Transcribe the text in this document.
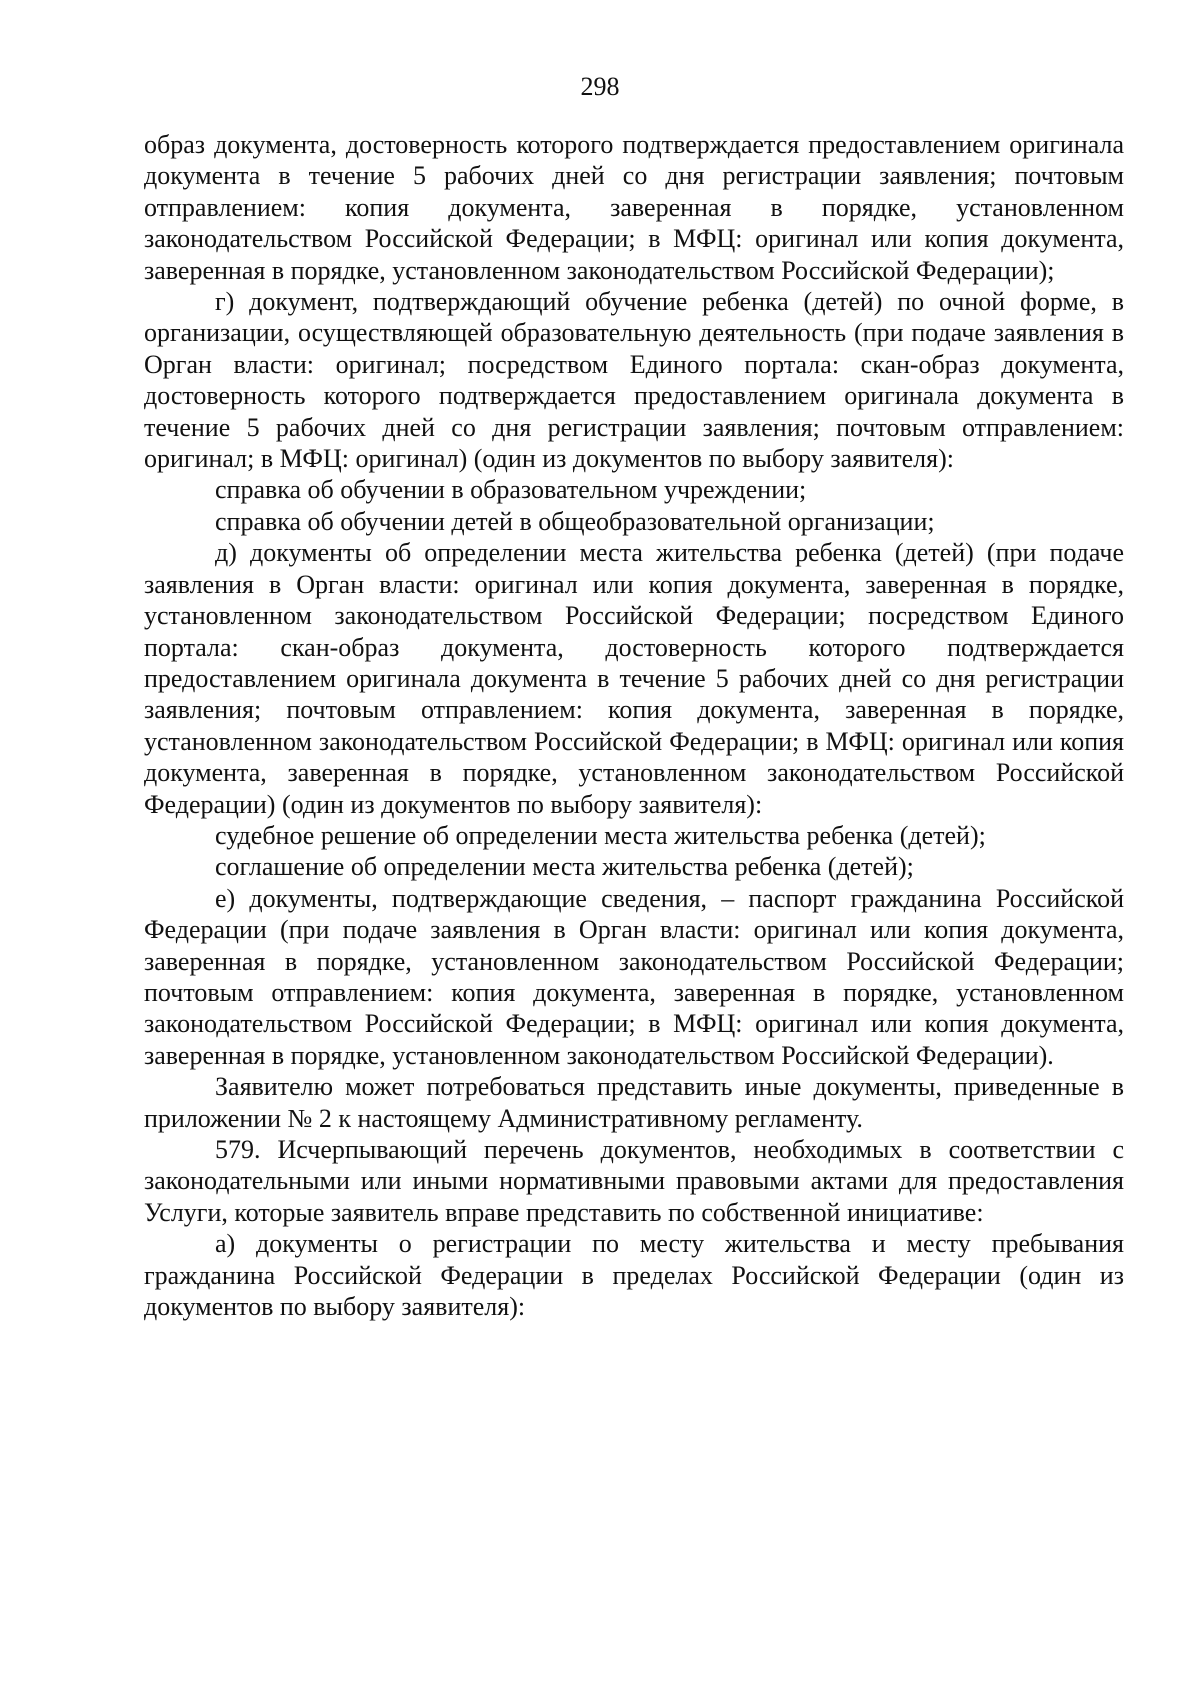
298

образ документа, достоверность которого подтверждается предоставлением оригинала документа в течение 5 рабочих дней со дня регистрации заявления; почтовым отправлением: копия документа, заверенная в порядке, установленном законодательством Российской Федерации; в МФЦ: оригинал или копия документа, заверенная в порядке, установленном законодательством Российской Федерации);

г) документ, подтверждающий обучение ребенка (детей) по очной форме, в организации, осуществляющей образовательную деятельность (при подаче заявления в Орган власти: оригинал; посредством Единого портала: скан-образ документа, достоверность которого подтверждается предоставлением оригинала документа в течение 5 рабочих дней со дня регистрации заявления; почтовым отправлением: оригинал; в МФЦ: оригинал) (один из документов по выбору заявителя):

справка об обучении в образовательном учреждении;

справка об обучении детей в общеобразовательной организации;

д) документы об определении места жительства ребенка (детей) (при подаче заявления в Орган власти: оригинал или копия документа, заверенная в порядке, установленном законодательством Российской Федерации; посредством Единого портала: скан-образ документа, достоверность которого подтверждается предоставлением оригинала документа в течение 5 рабочих дней со дня регистрации заявления; почтовым отправлением: копия документа, заверенная в порядке, установленном законодательством Российской Федерации; в МФЦ: оригинал или копия документа, заверенная в порядке, установленном законодательством Российской Федерации) (один из документов по выбору заявителя):

судебное решение об определении места жительства ребенка (детей);

соглашение об определении места жительства ребенка (детей);

е) документы, подтверждающие сведения, – паспорт гражданина Российской Федерации (при подаче заявления в Орган власти: оригинал или копия документа, заверенная в порядке, установленном законодательством Российской Федерации; почтовым отправлением: копия документа, заверенная в порядке, установленном законодательством Российской Федерации; в МФЦ: оригинал или копия документа, заверенная в порядке, установленном законодательством Российской Федерации).

Заявителю может потребоваться представить иные документы, приведенные в приложении № 2 к настоящему Административному регламенту.

579. Исчерпывающий перечень документов, необходимых в соответствии с законодательными или иными нормативными правовыми актами для предоставления Услуги, которые заявитель вправе представить по собственной инициативе:

а) документы о регистрации по месту жительства и месту пребывания гражданина Российской Федерации в пределах Российской Федерации (один из документов по выбору заявителя):
